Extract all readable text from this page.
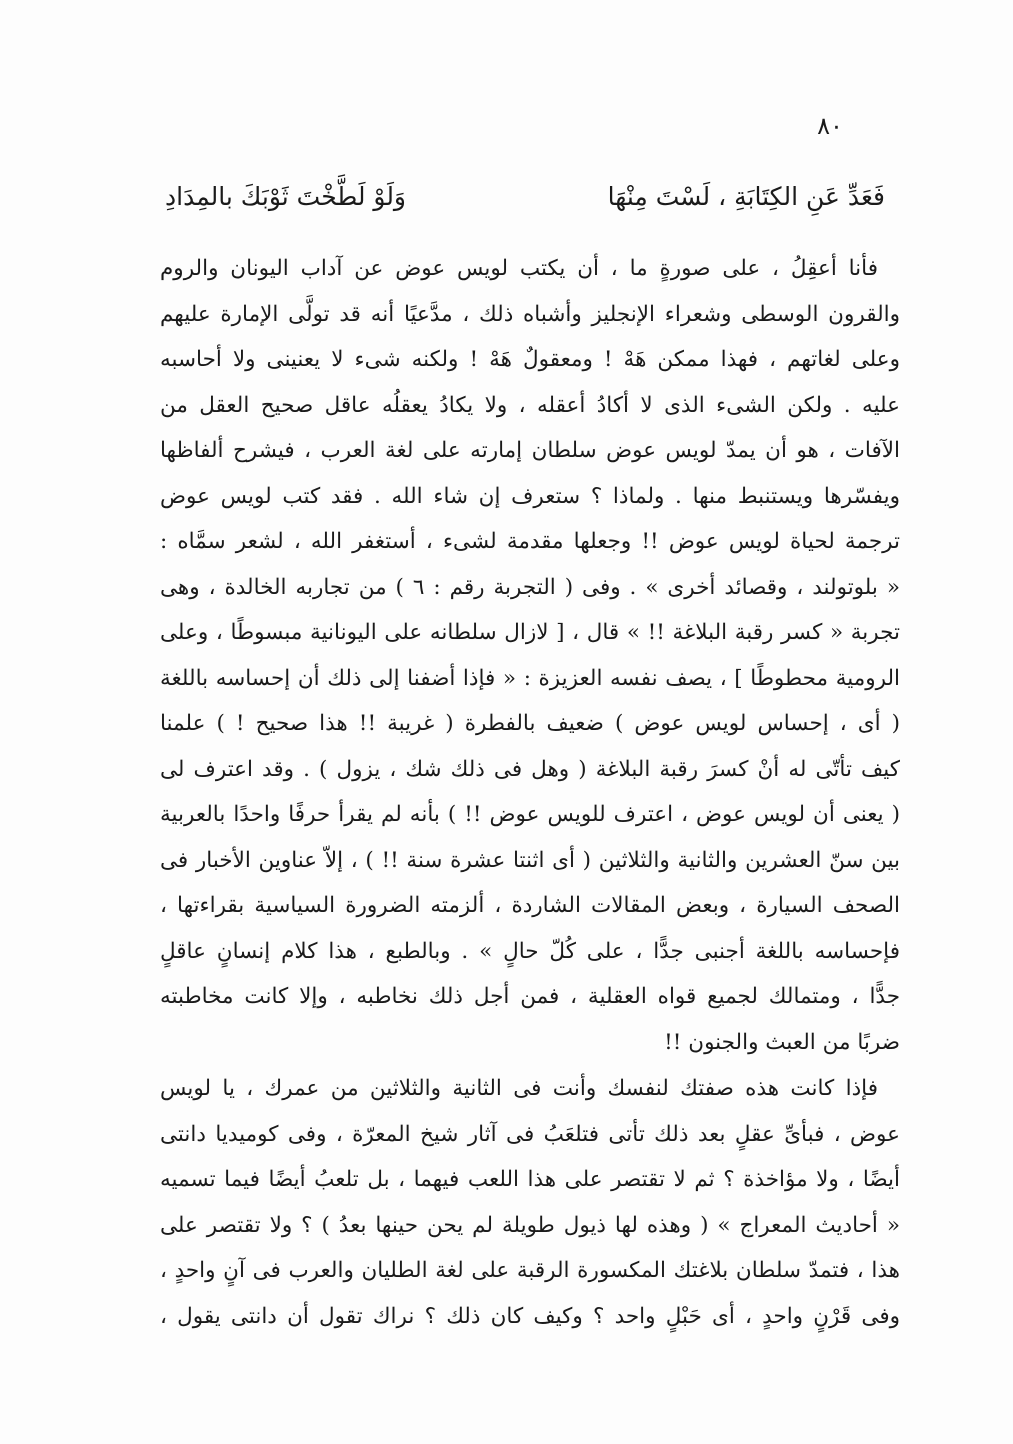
٨٠
فَعَدِّ عَنِ الكِتَابَةِ ، لَسْتَ مِنْهَا
وَلَوْ لَطَّخْتَ ثَوْبَكَ بالمِدَادِ
فأنا أعقِلُ ، على صورةٍ ما ، أن يكتب لويس عوض عن آداب اليونان والروم
والقرون الوسطى وشعراء الإنجليز وأشباه ذلك ، مدَّعيًا أنه قد تولَّى الإمارة عليهم
وعلى لغاتهم ، فهذا ممكن هَهْ ! ومعقولٌ هَهْ ! ولكنه شىء لا يعنينى ولا أحاسبه
عليه . ولكن الشىء الذى لا أكادُ أعقله ، ولا يكادُ يعقلُه عاقل صحيح العقل من
الآفات ، هو أن يمدّ لويس عوض سلطان إمارته على لغة العرب ، فيشرح ألفاظها
ويفسّرها ويستنبط منها . ولماذا ؟ ستعرف إن شاء الله . فقد كتب لويس عوض
ترجمة لحياة لويس عوض !! وجعلها مقدمة لشىء ، أستغفر الله ، لشعر سمَّاه :
« بلوتولند ، وقصائد أخرى » . وفى ( التجربة رقم : ٦ ) من تجاربه الخالدة ، وهى
تجربة « كسر رقبة البلاغة !! » قال ، [ لازال سلطانه على اليونانية مبسوطًا ، وعلى
الرومية محطوطًا ] ، يصف نفسه العزيزة : « فإذا أضفنا إلى ذلك أن إحساسه باللغة
( أى ، إحساس لويس عوض ) ضعيف بالفطرة ( غريبة !! هذا صحيح ! ) علمنا
كيف تأتّى له أنْ كسرَ رقبة البلاغة ( وهل فى ذلك شك ، يزول ) . وقد اعترف لى
( يعنى أن لويس عوض ، اعترف للويس عوض !! ) بأنه لم يقرأ حرفًا واحدًا بالعربية
بين سنّ العشرين والثانية والثلاثين ( أى اثنتا عشرة سنة !! ) ، إلاّ عناوين الأخبار فى
الصحف السيارة ، وبعض المقالات الشاردة ، ألزمته الضرورة السياسية بقراءتها ،
فإحساسه باللغة أجنبى جدًّا ، على كُلّ حالٍ » . وبالطبع ، هذا كلام إنسانٍ عاقلٍ
جدًّا ، ومتمالك لجميع قواه العقلية ، فمن أجل ذلك نخاطبه ، وإلا كانت مخاطبته
ضربًا من العبث والجنون !!
فإذا كانت هذه صفتك لنفسك وأنت فى الثانية والثلاثين من عمرك ، يا لويس
عوض ، فبأىِّ عقلٍ بعد ذلك تأتى فتلعَبُ فى آثار شيخ المعرّة ، وفى كوميديا دانتى
أيضًا ، ولا مؤاخذة ؟ ثم لا تقتصر على هذا اللعب فيهما ، بل تلعبُ أيضًا فيما تسميه
« أحاديث المعراج » ( وهذه لها ذيول طويلة لم يحن حينها بعدُ ) ؟ ولا تقتصر على
هذا ، فتمدّ سلطان بلاغتك المكسورة الرقبة على لغة الطليان والعرب فى آنٍ واحدٍ ،
وفى قَرْنٍ واحدٍ ، أى حَبْلٍ واحد ؟ وكيف كان ذلك ؟ نراك تقول أن دانتى يقول ،
